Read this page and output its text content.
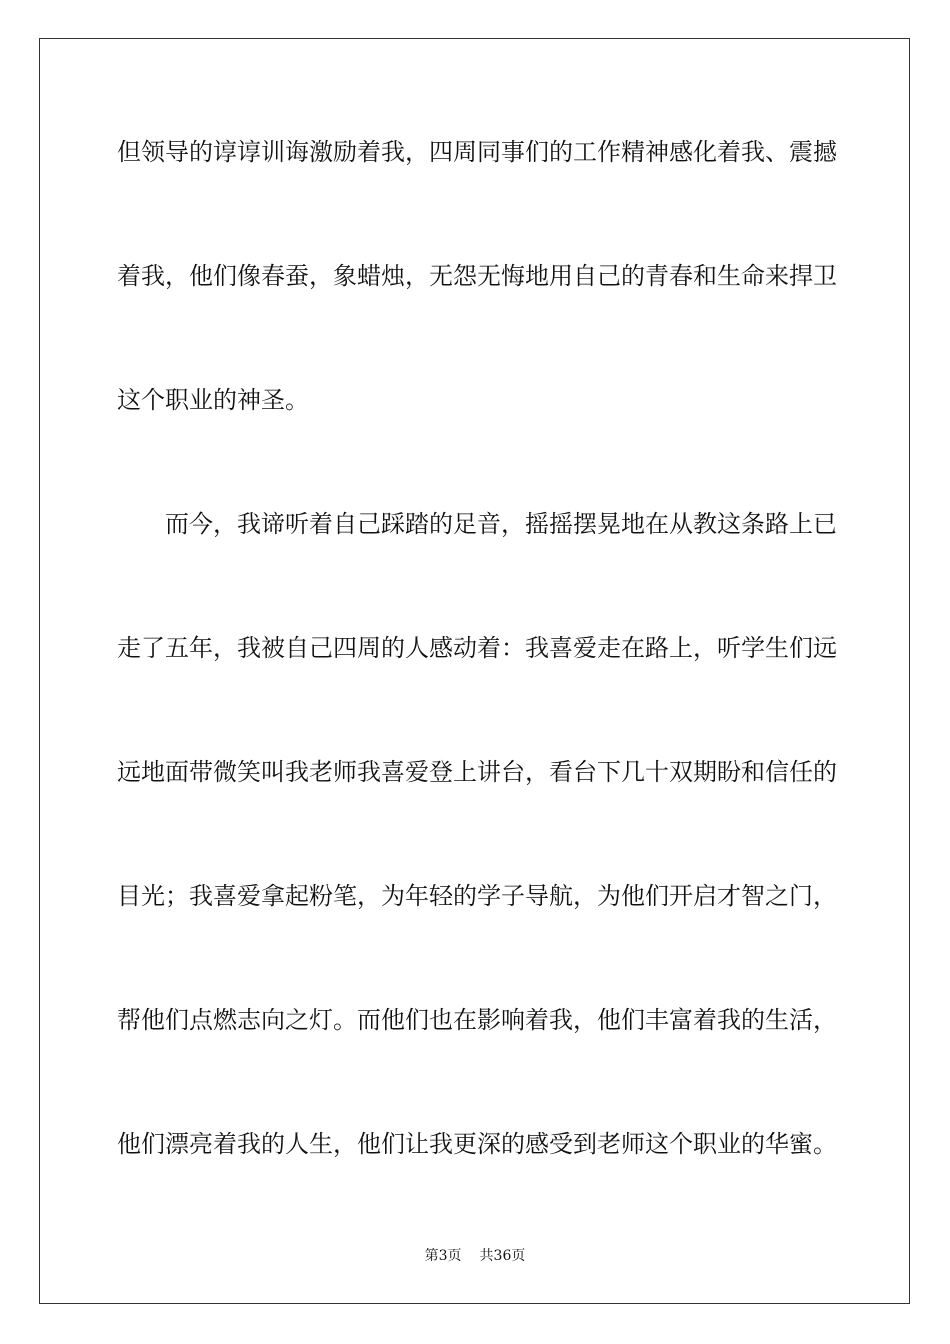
但领导的谆谆训诲激励着我，四周同事们的工作精神感化着我、震撼
着我，他们像春蚕，象蜡烛，无怨无悔地用自己的青春和生命来捍卫
这个职业的神圣。
而今，我谛听着自己踩踏的足音，摇摇摆晃地在从教这条路上已
走了五年，我被自己四周的人感动着：我喜爱走在路上，听学生们远
远地面带微笑叫我老师我喜爱登上讲台，看台下几十双期盼和信任的
目光；我喜爱拿起粉笔，为年轻的学子导航，为他们开启才智之门，
帮他们点燃志向之灯。而他们也在影响着我，他们丰富着我的生活，
他们漂亮着我的人生，他们让我更深的感受到老师这个职业的华蜜。
第3页 共36页
